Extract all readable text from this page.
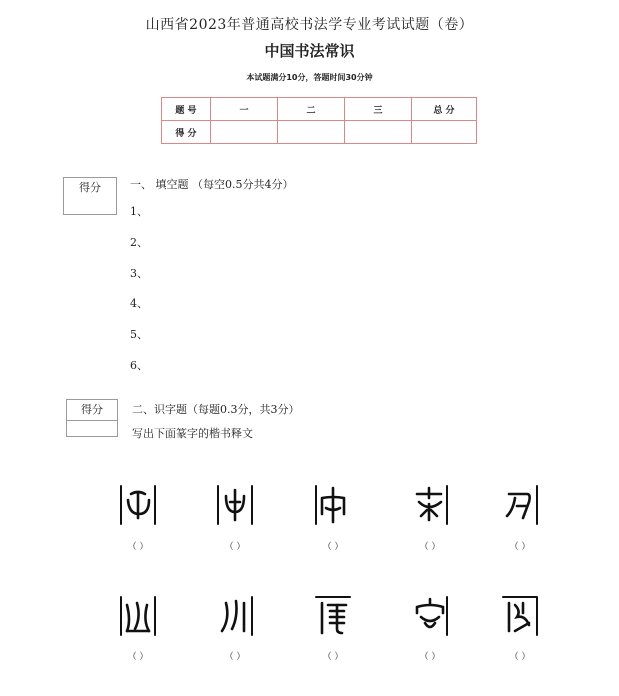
山西省2023年普通高校书法学专业考试试题（卷）
中国书法常识
本试题满分10分，答题时间30分钟
题 号	一	二	三	总 分
得 分				
得分	一、 填空题 （每空0.5分共4分）
1、
2、
3、
4、
5、
6、
得分	二、识字题（每题0.3分，共3分）
写出下面篆字的楷书释文
（ ）	（ ）	（ ）	（ ）	（ ）
（ ）	（ ）	（ ）	（ ）	（ ）
